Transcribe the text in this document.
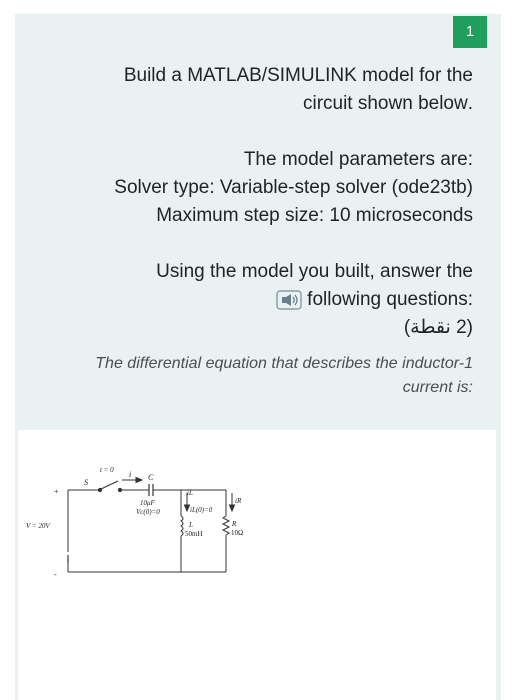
1
Build a MATLAB/SIMULINK model for the
.circuit shown below
:The model parameters are
(Solver type: Variable-step solver (ode23tb
Maximum step size: 10 microseconds
Using the model you built, answer the
:following questions
(2 نقطة)
The differential equation that describes the inductor-1
:current is
t = 0
S
i C
10μF
Vc(0)=0
+
-
V = 20V
iL
iL(0)=0
iR
L
50mH
R
10Ω
